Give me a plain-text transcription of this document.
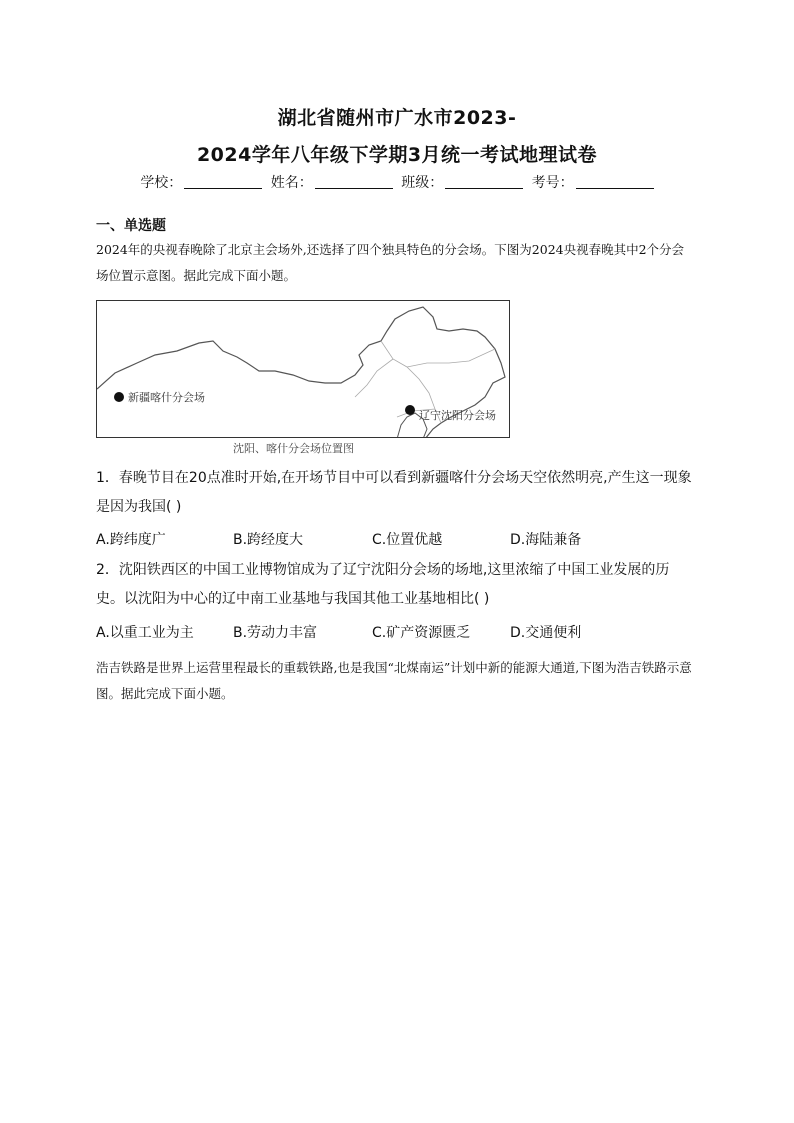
湖北省随州市广水市2023-
2024学年八年级下学期3月统一考试地理试卷
学校：	姓名：	班级：	考号：
一、单选题
2024年的央视春晚除了北京主会场外,还选择了四个独具特色的分会场。下图为2024央视春晚其中2个分会场位置示意图。据此完成下面小题。
新疆喀什分会场
辽宁沈阳分会场
沈阳、喀什分会场位置图
1．春晚节目在20点准时开始,在开场节目中可以看到新疆喀什分会场天空依然明亮,产生这一现象是因为我国( )
A.跨纬度广	B.跨经度大	C.位置优越	D.海陆兼备
2．沈阳铁西区的中国工业博物馆成为了辽宁沈阳分会场的场地,这里浓缩了中国工业发展的历史。以沈阳为中心的辽中南工业基地与我国其他工业基地相比( )
A.以重工业为主	B.劳动力丰富	C.矿产资源匮乏	D.交通便利
浩吉铁路是世界上运营里程最长的重载铁路,也是我国“北煤南运”计划中新的能源大通道,下图为浩吉铁路示意图。据此完成下面小题。
